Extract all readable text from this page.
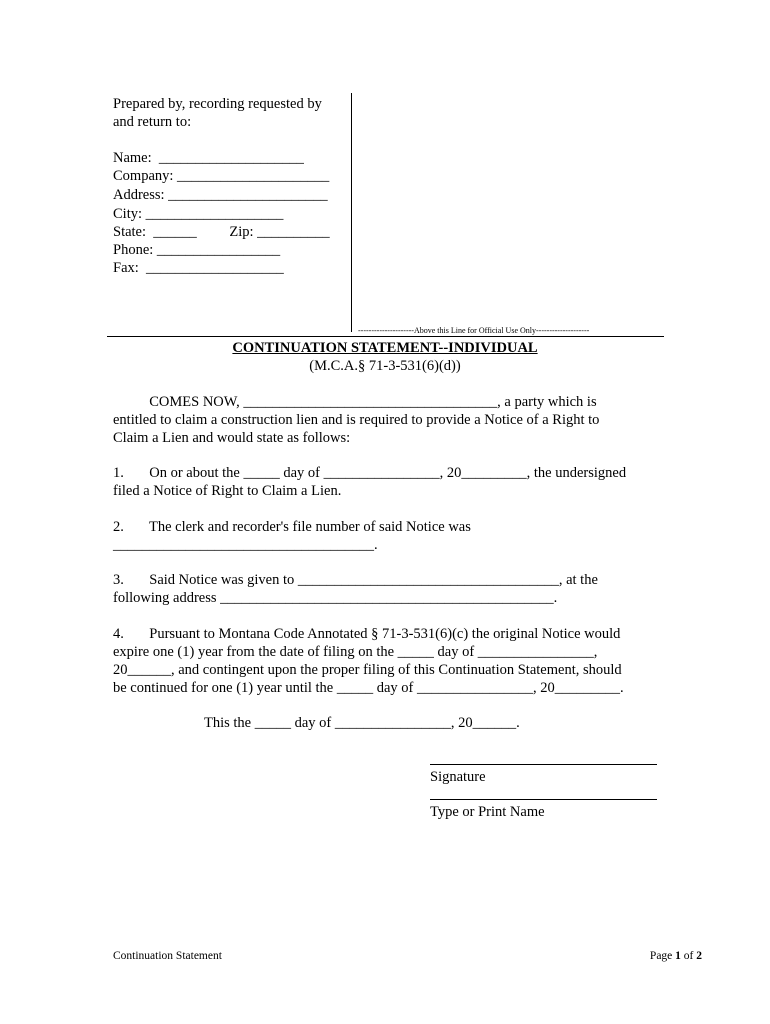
Prepared by, recording requested by
and return to:
Name:  ____________________
Company: _____________________
Address: ______________________
City: ___________________
State:  ______         Zip: __________
Phone: _________________
Fax:  ___________________
---------------------Above this Line for Official Use Only--------------------
CONTINUATION STATEMENT--INDIVIDUAL
(M.C.A.§ 71-3-531(6)(d))
COMES NOW, ___________________________________, a party which is
entitled to claim a construction lien and is required to provide a Notice of a Right to
Claim a Lien and would state as follows:
1.       On or about the _____ day of ________________, 20_________, the undersigned
filed a Notice of Right to Claim a Lien.
2.       The clerk and recorder's file number of said Notice was
____________________________________.
3.       Said Notice was given to ____________________________________, at the
following address ______________________________________________.
4.       Pursuant to Montana Code Annotated § 71-3-531(6)(c) the original Notice would
expire one (1) year from the date of filing on the _____ day of ________________,
20______, and contingent upon the proper filing of this Continuation Statement, should
be continued for one (1) year until the _____ day of ________________, 20_________.
This the _____ day of ________________, 20______.
Signature
Type or Print Name
Continuation Statement	Page 1 of 2
